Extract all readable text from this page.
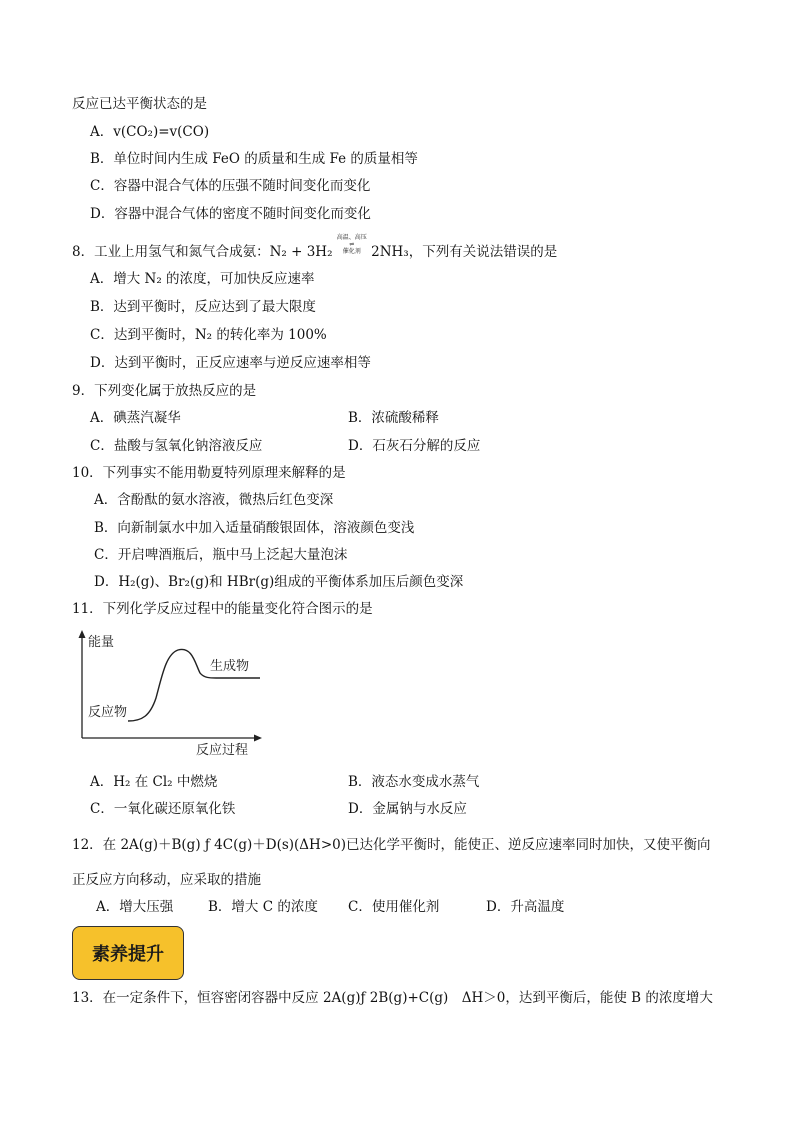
反应已达平衡状态的是
A．v(CO₂)=v(CO)
B．单位时间内生成 FeO 的质量和生成 Fe 的质量相等
C．容器中混合气体的压强不随时间变化而变化
D．容器中混合气体的密度不随时间变化而变化
8．工业上用氢气和氮气合成氨：N₂ + 3H₂ 高温、高压
⇌
催化剂 2NH₃，下列有关说法错误的是
A．增大 N₂ 的浓度，可加快反应速率
B．达到平衡时，反应达到了最大限度
C．达到平衡时，N₂ 的转化率为 100%
D．达到平衡时，正反应速率与逆反应速率相等
9．下列变化属于放热反应的是
A．碘蒸汽凝华	B．浓硫酸稀释
C．盐酸与氢氧化钠溶液反应	D．石灰石分解的反应
10．下列事实不能用勒夏特列原理来解释的是
A．含酚酞的氨水溶液，微热后红色变深
B．向新制氯水中加入适量硝酸银固体，溶液颜色变浅
C．开启啤酒瓶后，瓶中马上泛起大量泡沫
D．H₂(g)、Br₂(g)和 HBr(g)组成的平衡体系加压后颜色变深
11．下列化学反应过程中的能量变化符合图示的是
能量
生成物
反应物
反应过程
A．H₂ 在 Cl₂ 中燃烧	B．液态水变成水蒸气
C．一氧化碳还原氧化铁	D．金属钠与水反应
12．在 2A(g)＋B(g) ƒ 4C(g)＋D(s)(ΔH>0)已达化学平衡时，能使正、逆反应速率同时加快，又使平衡向
正反应方向移动，应采取的措施
A．增大压强	B．增大 C 的浓度 C．使用催化剂	D．升高温度
素养提升
13．在一定条件下，恒容密闭容器中反应 2A(g)ƒ 2B(g)+C(g)　ΔH＞0，达到平衡后，能使 B 的浓度增大
